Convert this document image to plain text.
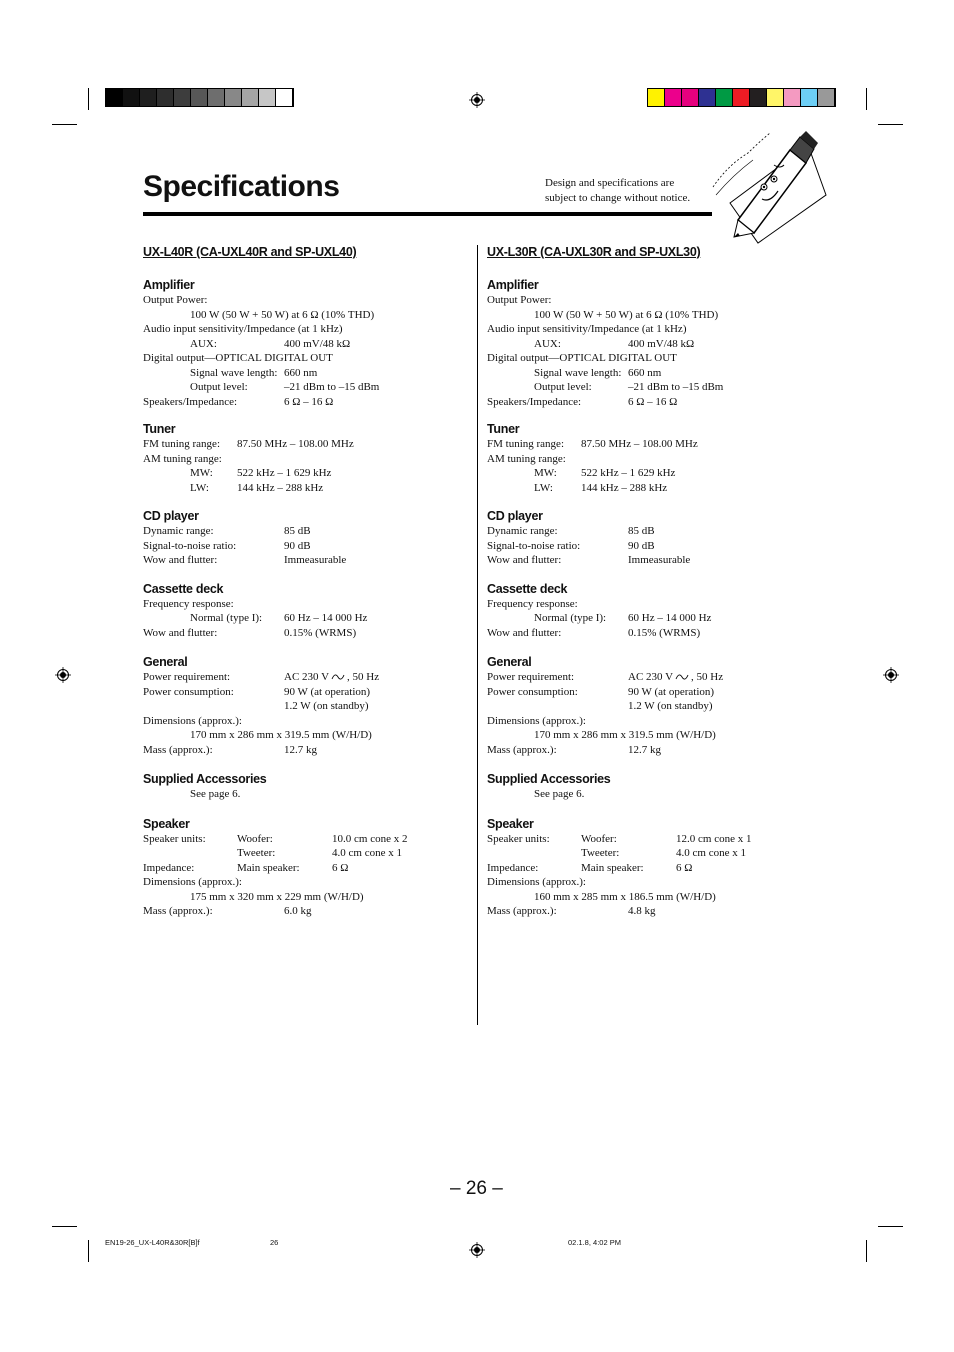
Specifications	Design and specifications are
subject to change without notice.
UX-L40R (CA-UXL40R and SP-UXL40)
Amplifier
Output Power:
100 W (50 W + 50 W) at 6 Ω (10% THD)
Audio input sensitivity/Impedance (at 1 kHz)
AUX:	400 mV/48 kΩ
Digital output—OPTICAL DIGITAL OUT
Signal wave length: 660 nm
Output level:	–21 dBm to –15 dBm
Speakers/Impedance:	6 Ω – 16 Ω
Tuner
FM tuning range: 87.50 MHz – 108.00 MHz
AM tuning range:
MW: 522 kHz – 1 629 kHz
LW:	144 kHz – 288 kHz
CD player
Dynamic range:	85 dB
Signal-to-noise ratio:	90 dB
Wow and flutter:	Immeasurable
Cassette deck
Frequency response:
Normal (type I): 60 Hz – 14 000 Hz
Wow and flutter:	0.15% (WRMS)
General
Power requirement:	AC 230 V , 50 Hz
Power consumption:	90 W (at operation)
1.2 W (on standby)
Dimensions (approx.):
170 mm x 286 mm x 319.5 mm (W/H/D)
Mass (approx.):	12.7 kg
Supplied Accessories
See page 6.
Speaker
Speaker units:	Woofer:	10.0 cm cone x 2
Tweeter:	4.0 cm cone x 1
Impedance:	Main speaker:	6 Ω
Dimensions (approx.):
175 mm x 320 mm x 229 mm (W/H/D)
Mass (approx.):	6.0 kg
UX-L30R (CA-UXL30R and SP-UXL30)
Amplifier
Output Power:
100 W (50 W + 50 W) at 6 Ω (10% THD)
Audio input sensitivity/Impedance (at 1 kHz)
AUX:	400 mV/48 kΩ
Digital output—OPTICAL DIGITAL OUT
Signal wave length: 660 nm
Output level:	–21 dBm to –15 dBm
Speakers/Impedance:	6 Ω – 16 Ω
Tuner
FM tuning range: 87.50 MHz – 108.00 MHz
AM tuning range:
MW: 522 kHz – 1 629 kHz
LW:	144 kHz – 288 kHz
CD player
Dynamic range:	85 dB
Signal-to-noise ratio:	90 dB
Wow and flutter:	Immeasurable
Cassette deck
Frequency response:
Normal (type I): 60 Hz – 14 000 Hz
Wow and flutter:	0.15% (WRMS)
General
Power requirement:	AC 230 V , 50 Hz
Power consumption:	90 W (at operation)
1.2 W (on standby)
Dimensions (approx.):
170 mm x 286 mm x 319.5 mm (W/H/D)
Mass (approx.):	12.7 kg
Supplied Accessories
See page 6.
Speaker
Speaker units:	Woofer:	12.0 cm cone x 1
Tweeter:	4.0 cm cone x 1
Impedance:	Main speaker:	6 Ω
Dimensions (approx.):
160 mm x 285 mm x 186.5 mm (W/H/D)
Mass (approx.):	4.8 kg
– 26 –
EN19-26_UX-L40R&30R[B]f	26	02.1.8, 4:02 PM
